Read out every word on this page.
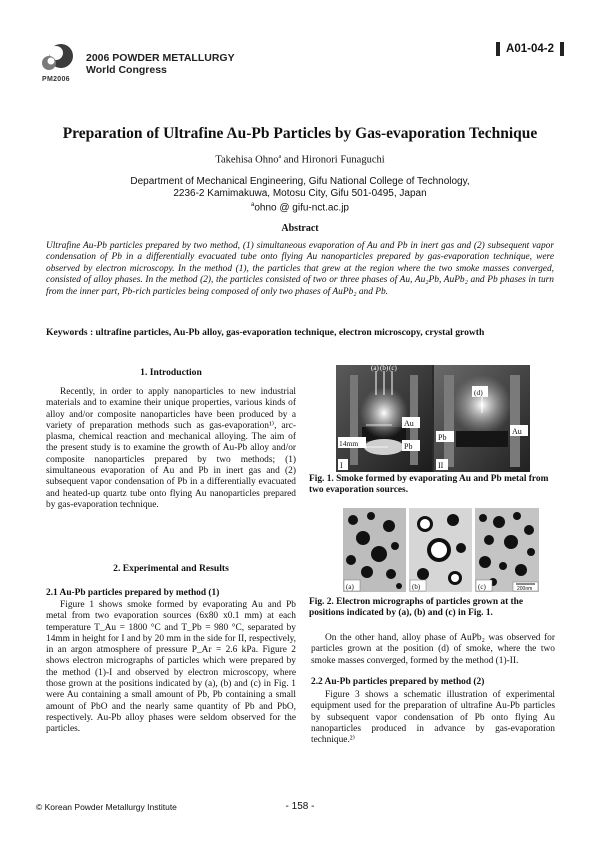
PM2006
2006 POWDER METALLURGY
World Congress
A01-04-2
Preparation of Ultrafine Au-Pb Particles by Gas-evaporation Technique
Takehisa Ohno$^a$ and Hironori Funaguchi
Department of Mechanical Engineering, Gifu National College of Technology,
2236-2 Kamimakuwa, Motosu City, Gifu 501-0495, Japan
$^a$ohno @ gifu-nct.ac.jp
Abstract
Ultrafine Au-Pb particles prepared by two method, (1) simultaneous evaporation of Au and Pb in inert gas and (2) subsequent vapor condensation of Pb in a differentially evacuated tube onto flying Au nanoparticles prepared by gas-evaporation technique, were observed by electron microscopy. In the method (1), the particles that grew at the region where the two smoke masses converged, consisted of alloy phases. In the method (2), the particles consisted of two or three phases of Au, Au₂Pb, AuPb₂ and Pb phases in turn from the inner part, Pb-rich particles being composed of only two phases of AuPb₂ and Pb.
Keywords : ultrafine particles, Au-Pb alloy, gas-evaporation technique, electron microscopy, crystal growth
1. Introduction

Recently, in order to apply nanoparticles to new industrial materials and to examine their unique properties, various kinds of alloy and/or composite nanoparticles have been produced by a variety of preparation methods such as gas-evaporation¹⁾, arc-plasma, chemical reaction and mechanical alloying. The aim of the present study is to examine the growth of Au-Pb alloy and/or composite nanoparticles prepared by two methods; (1) simultaneous evaporation of Au and Pb in inert gas and (2) subsequent vapor condensation of Pb in a differentially evacuated and heated-up quartz tube onto flying Au nanoparticles prepared by gas-evaporation technique.

2. Experimental and Results
2.1 Au-Pb particles prepared by method (1)

Figure 1 shows smoke formed by evaporating Au and Pb metal from two evaporation sources (6x80 x0.1 mm) at each temperature T_Au = 1800 °C and T_Pb = 980 °C, separated by 14mm in height for I and by 20 mm in the side for II, respectively, in an argon atmosphere of pressure P_Ar = 2.6 kPa. Figure 2 shows electron micrographs of particles which were prepared by the method (1)-I and observed by electron microscopy, where those grown at the positions indicated by (a), (b) and (c) in Fig. 1 were Au containing a small amount of Pb, Pb containing a small amount of PbO and the nearly same quantity of Pb and PbO, respectively. Au-Pb alloy phases were seldom observed for the particles.

(a) (b) (c)
Au
Pb
14mm
I
(d)
Pb
Au
II
Fig. 1. Smoke formed by evaporating Au and Pb metal from two evaporation sources.
(a)	(b)	(c)	200nm
Fig. 2. Electron micrographs of particles grown at the positions indicated by (a), (b) and (c) in Fig. 1.

On the other hand, alloy phase of AuPb₂ was observed for particles grown at the position (d) of smoke, where the two smoke masses converged, formed by the method (1)-II.

2.2 Au-Pb particles prepared by method (2)

Figure 3 shows a schematic illustration of experimental equipment used for the preparation of ultrafine Au-Pb particles by subsequent vapor condensation of Pb onto flying Au nanoparticles produced in advance by gas-evaporation technique.²⁾

© Korean Powder Metallurgy Institute	- 158 -
